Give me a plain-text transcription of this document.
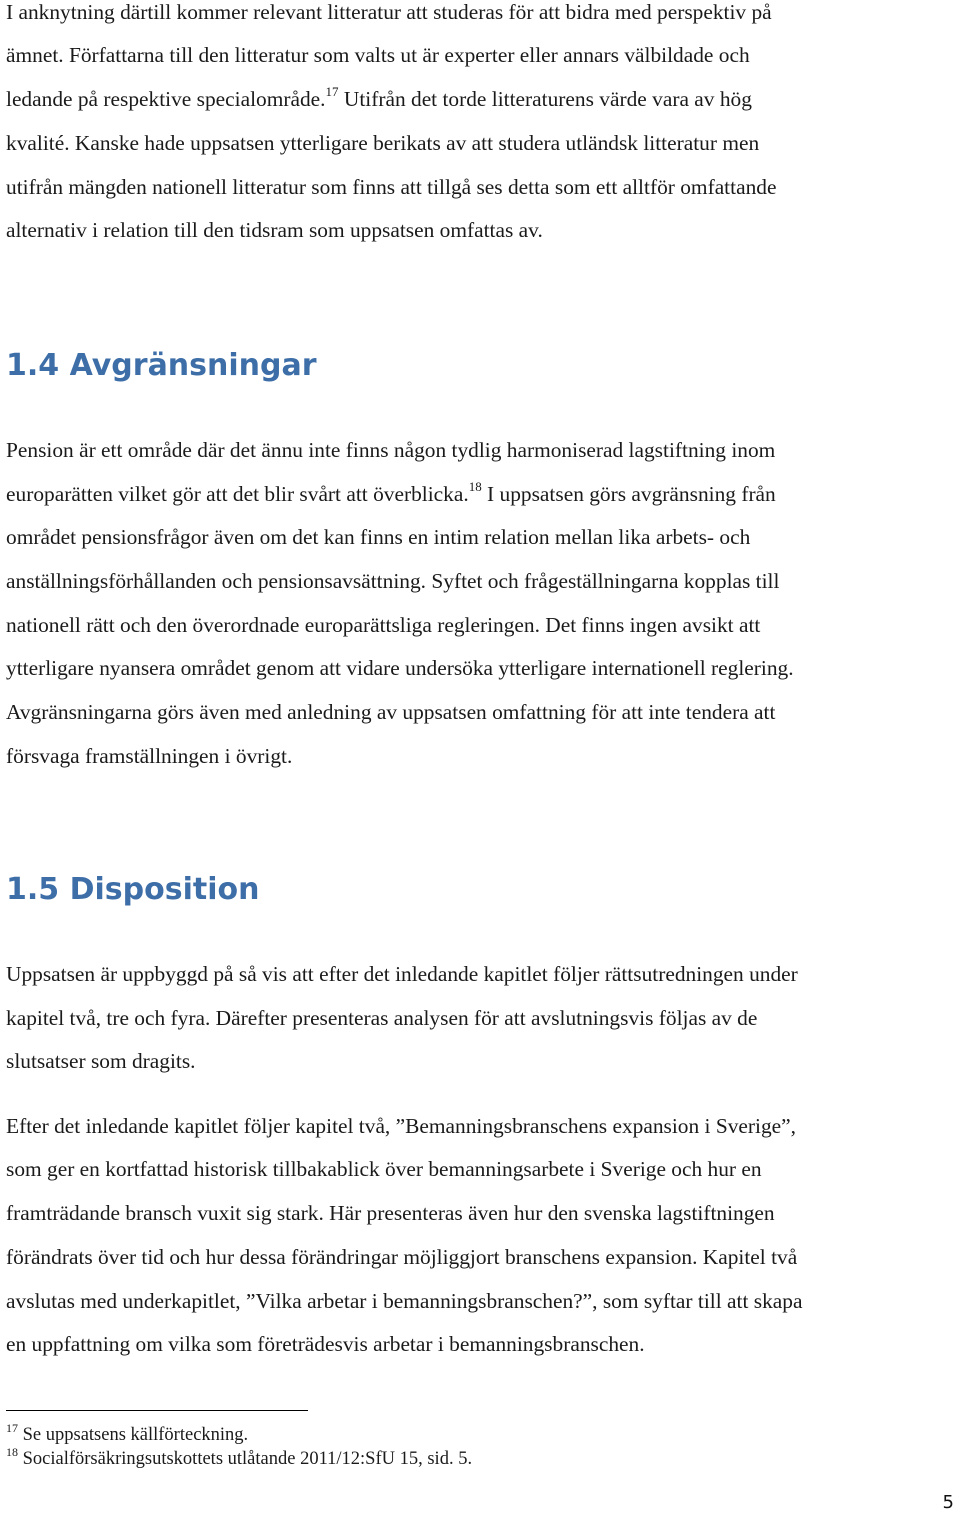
I anknytning därtill kommer relevant litteratur att studeras för att bidra med perspektiv på
ämnet. Författarna till den litteratur som valts ut är experter eller annars välbildade och
ledande på respektive specialområde.$^{17}$ Utifrån det torde litteraturens värde vara av hög
kvalité. Kanske hade uppsatsen ytterligare berikats av att studera utländsk litteratur men
utifrån mängden nationell litteratur som finns att tillgå ses detta som ett alltför omfattande
alternativ i relation till den tidsram som uppsatsen omfattas av.
1.4 Avgränsningar
Pension är ett område där det ännu inte finns någon tydlig harmoniserad lagstiftning inom
europarätten vilket gör att det blir svårt att överblicka.$^{18}$ I uppsatsen görs avgränsning från
området pensionsfrågor även om det kan finns en intim relation mellan lika arbets- och
anställningsförhållanden och pensionsavsättning. Syftet och frågeställningarna kopplas till
nationell rätt och den överordnade europarättsliga regleringen. Det finns ingen avsikt att
ytterligare nyansera området genom att vidare undersöka ytterligare internationell reglering.
Avgränsningarna görs även med anledning av uppsatsen omfattning för att inte tendera att
försvaga framställningen i övrigt.
1.5 Disposition
Uppsatsen är uppbyggd på så vis att efter det inledande kapitlet följer rättsutredningen under
kapitel två, tre och fyra. Därefter presenteras analysen för att avslutningsvis följas av de
slutsatser som dragits.
Efter det inledande kapitlet följer kapitel två, ”Bemanningsbranschens expansion i Sverige”,
som ger en kortfattad historisk tillbakablick över bemanningsarbete i Sverige och hur en
framträdande bransch vuxit sig stark. Här presenteras även hur den svenska lagstiftningen
förändrats över tid och hur dessa förändringar möjliggjort branschens expansion. Kapitel två
avslutas med underkapitlet, ”Vilka arbetar i bemanningsbranschen?”, som syftar till att skapa
en uppfattning om vilka som företrädesvis arbetar i bemanningsbranschen.
$^{17}$ Se uppsatsens källförteckning.
$^{18}$ Socialförsäkringsutskottets utlåtande 2011/12:SfU 15, sid. 5.
5
